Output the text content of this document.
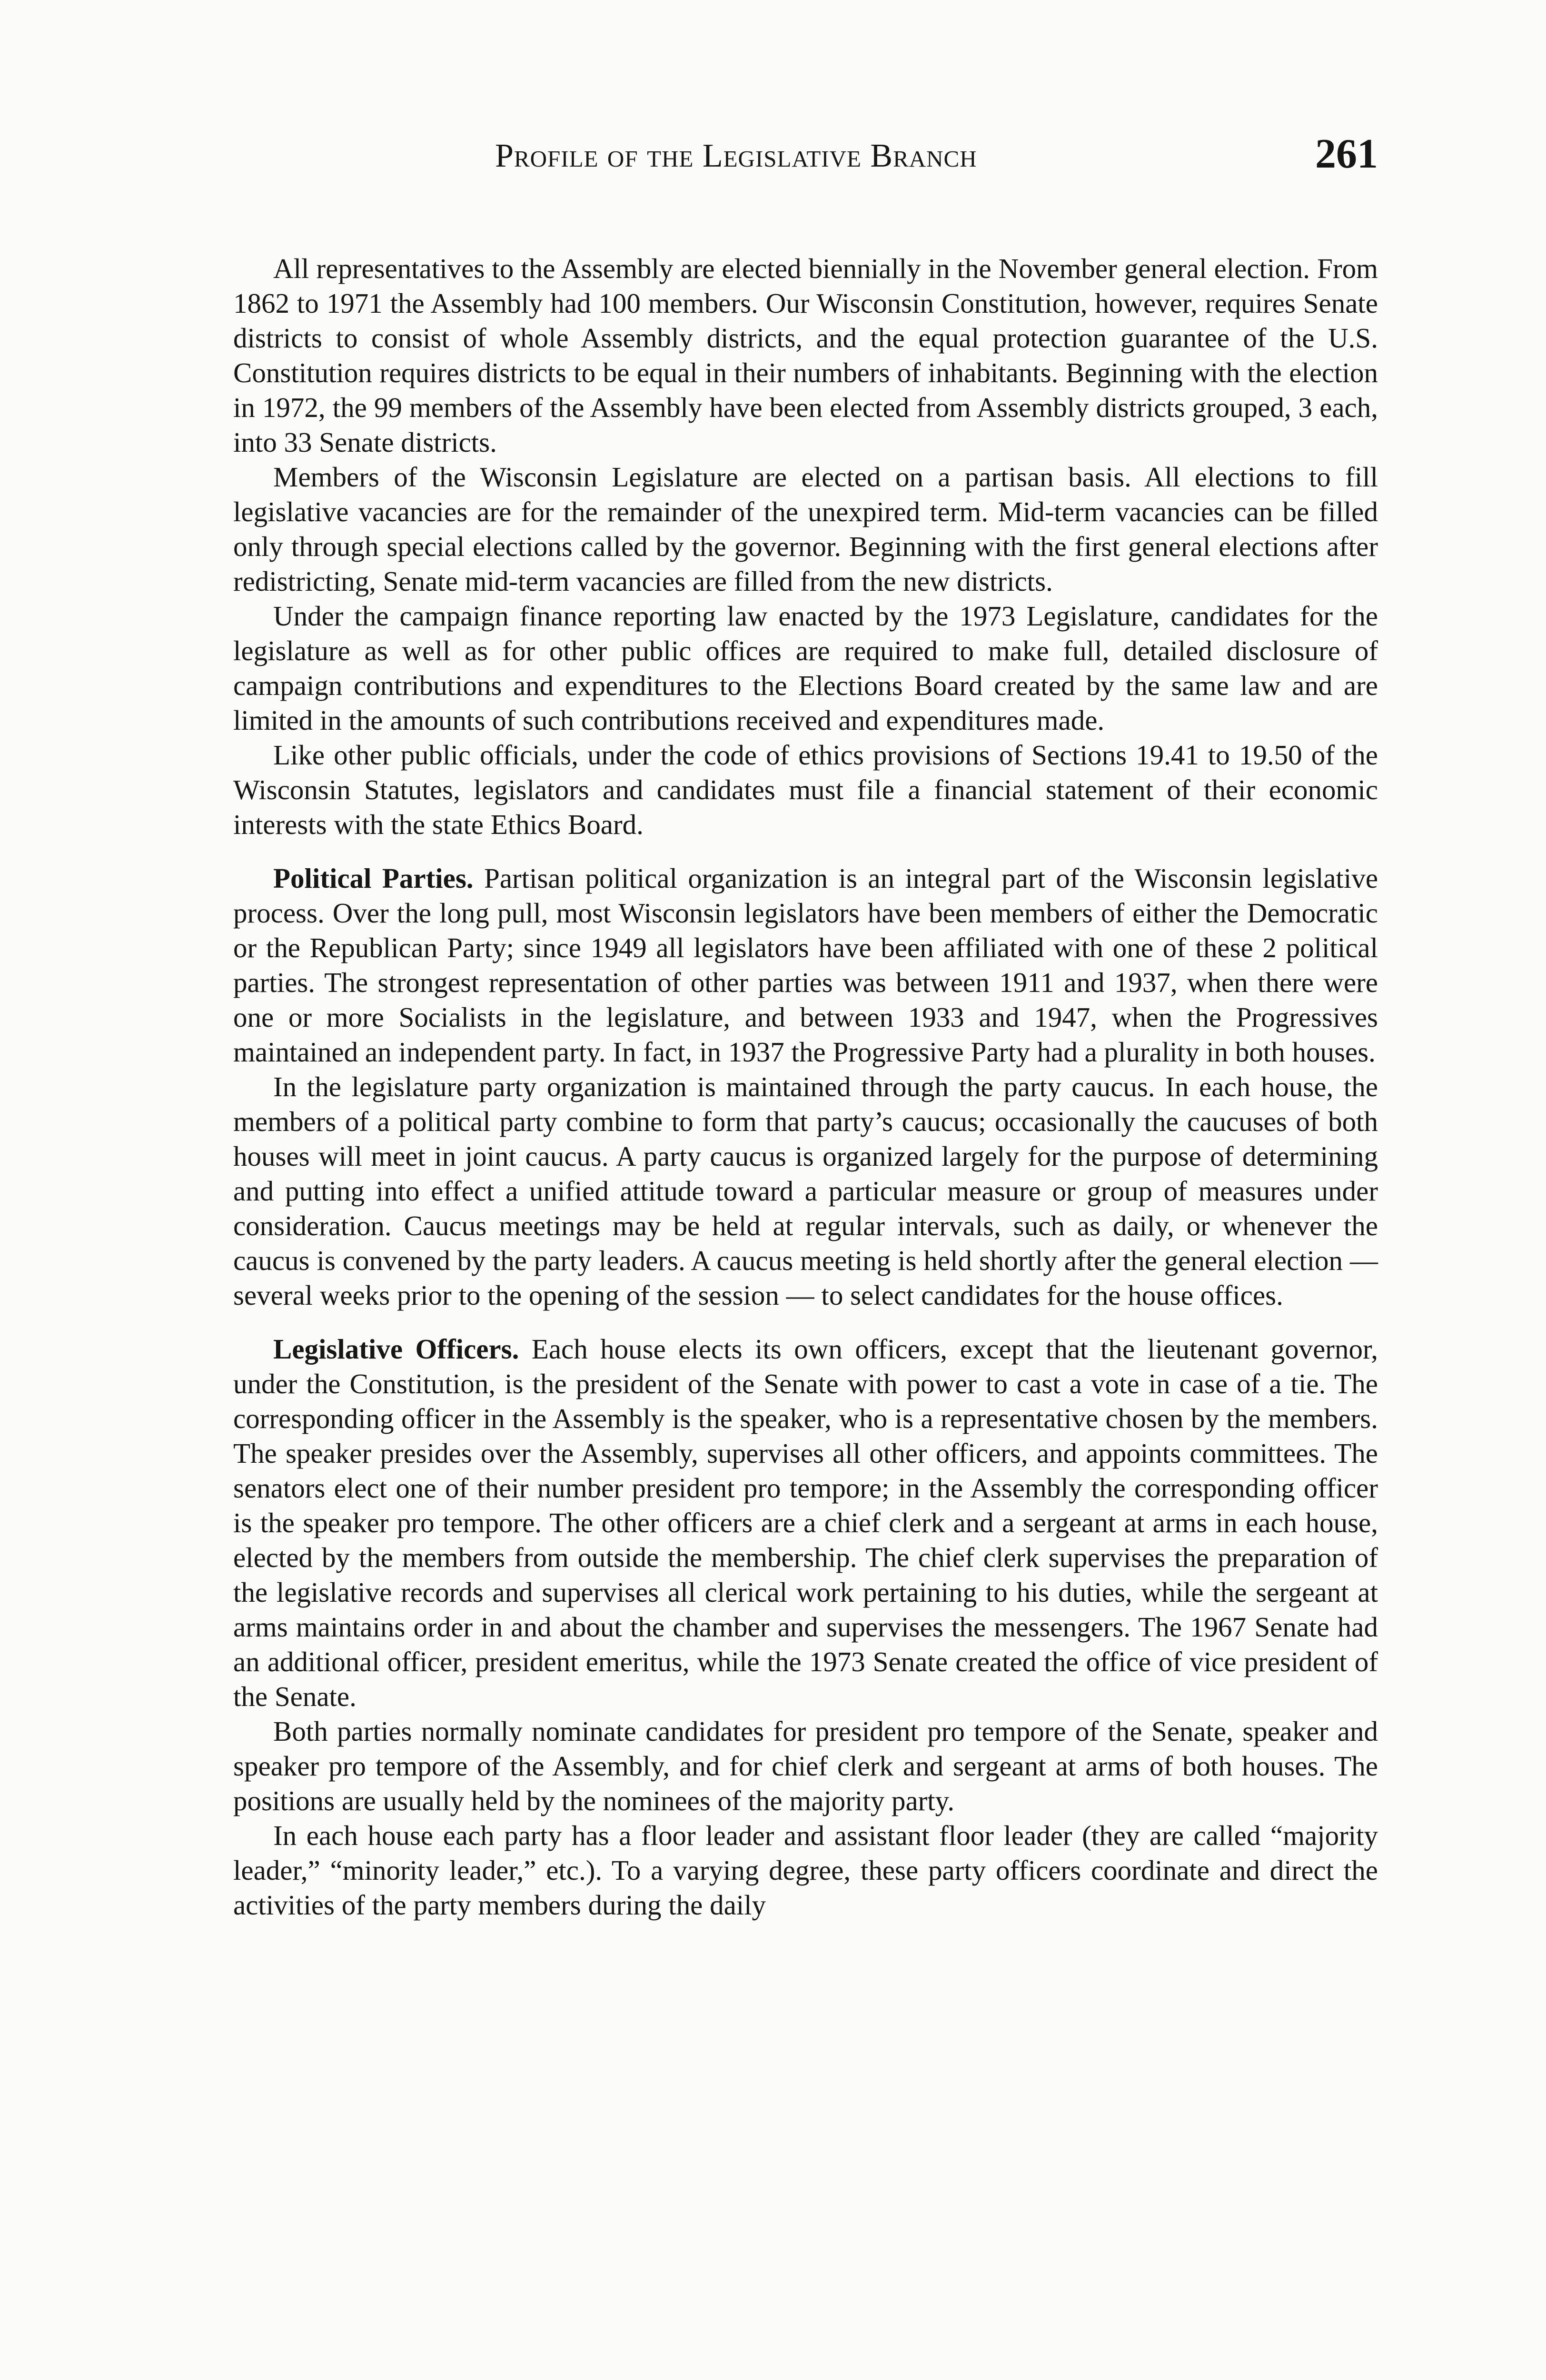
Profile of the Legislative Branch	261

All representatives to the Assembly are elected biennially in the November general election. From 1862 to 1971 the Assembly had 100 members. Our Wisconsin Constitution, however, requires Senate districts to consist of whole Assembly districts, and the equal protection guarantee of the U.S. Constitution requires districts to be equal in their numbers of inhabitants. Beginning with the election in 1972, the 99 members of the Assembly have been elected from Assembly districts grouped, 3 each, into 33 Senate districts.

Members of the Wisconsin Legislature are elected on a partisan basis. All elections to fill legislative vacancies are for the remainder of the unexpired term. Mid-term vacancies can be filled only through special elections called by the governor. Beginning with the first general elections after redistricting, Senate mid-term vacancies are filled from the new districts.

Under the campaign finance reporting law enacted by the 1973 Legislature, candidates for the legislature as well as for other public offices are required to make full, detailed disclosure of campaign contributions and expenditures to the Elections Board created by the same law and are limited in the amounts of such contributions received and expenditures made.

Like other public officials, under the code of ethics provisions of Sections 19.41 to 19.50 of the Wisconsin Statutes, legislators and candidates must file a financial statement of their economic interests with the state Ethics Board.

Political Parties. Partisan political organization is an integral part of the Wisconsin legislative process. Over the long pull, most Wisconsin legislators have been members of either the Democratic or the Republican Party; since 1949 all legislators have been affiliated with one of these 2 political parties. The strongest representation of other parties was between 1911 and 1937, when there were one or more Socialists in the legislature, and between 1933 and 1947, when the Progressives maintained an independent party. In fact, in 1937 the Progressive Party had a plurality in both houses.

In the legislature party organization is maintained through the party caucus. In each house, the members of a political party combine to form that party’s caucus; occasionally the caucuses of both houses will meet in joint caucus. A party caucus is organized largely for the purpose of determining and putting into effect a unified attitude toward a particular measure or group of measures under consideration. Caucus meetings may be held at regular intervals, such as daily, or whenever the caucus is convened by the party leaders. A caucus meeting is held shortly after the general election — several weeks prior to the opening of the session — to select candidates for the house offices.

Legislative Officers. Each house elects its own officers, except that the lieutenant governor, under the Constitution, is the president of the Senate with power to cast a vote in case of a tie. The corresponding officer in the Assembly is the speaker, who is a representative chosen by the members. The speaker presides over the Assembly, supervises all other officers, and appoints committees. The senators elect one of their number president pro tempore; in the Assembly the corresponding officer is the speaker pro tempore. The other officers are a chief clerk and a sergeant at arms in each house, elected by the members from outside the membership. The chief clerk supervises the preparation of the legislative records and supervises all clerical work pertaining to his duties, while the sergeant at arms maintains order in and about the chamber and supervises the messengers. The 1967 Senate had an additional officer, president emeritus, while the 1973 Senate created the office of vice president of the Senate.

Both parties normally nominate candidates for president pro tempore of the Senate, speaker and speaker pro tempore of the Assembly, and for chief clerk and sergeant at arms of both houses. The positions are usually held by the nominees of the majority party.

In each house each party has a floor leader and assistant floor leader (they are called “majority leader,” “minority leader,” etc.). To a varying degree, these party officers coordinate and direct the activities of the party members during the daily
